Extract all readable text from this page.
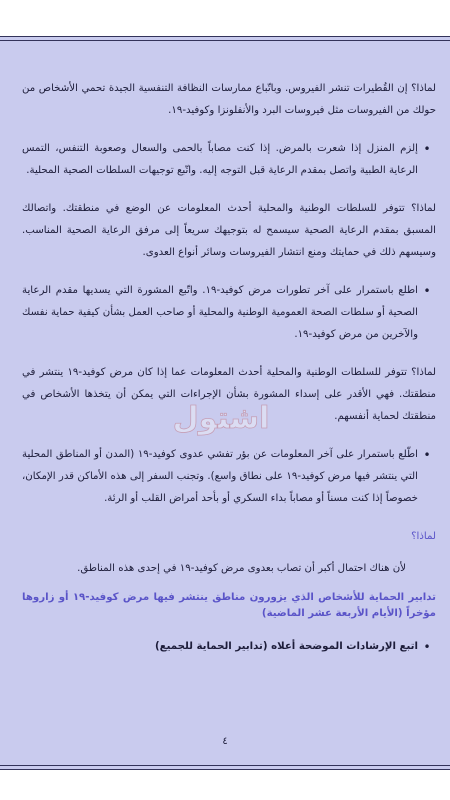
لماذا؟ إن القُطيرات تنشر الفيروس. وباتّباع ممارسات النظافة التنفسية الجيدة تحمي الأشخاص من حولك من الفيروسات مثل فيروسات البرد والأنفلونزا وكوفيد-١٩.

•
إلزم المنزل إذا شعرت بالمرض. إذا كنت مصاباً بالحمى والسعال وصعوبة التنفس، التمس الرعاية الطبية واتصل بمقدم الرعاية قبل التوجه إليه. واتّبع توجيهات السلطات الصحية المحلية.

لماذا؟ تتوفر للسلطات الوطنية والمحلية أحدث المعلومات عن الوضع في منطقتك. واتصالك المسبق بمقدم الرعاية الصحية سيسمح له بتوجيهك سريعاً إلى مرفق الرعاية الصحية المناسب. وسيسهم ذلك في حمايتك ومنع انتشار الفيروسات وسائر أنواع العدوى.

•
اطلع باستمرار على آخر تطورات مرض كوفيد-١٩. واتّبع المشورة التي يسديها مقدم الرعاية الصحية أو سلطات الصحة العمومية الوطنية والمحلية أو صاحب العمل بشأن كيفية حماية نفسك والآخرين من مرض كوفيد-١٩.

لماذا؟ تتوفر للسلطات الوطنية والمحلية أحدث المعلومات عما إذا كان مرض كوفيد-١٩ ينتشر في منطقتك. فهي الأقدر على إسداء المشورة بشأن الإجراءات التي يمكن أن يتخذها الأشخاص في منطقتك لحماية أنفسهم.

•
اطّلع باستمرار على آخر المعلومات عن بؤر تفشي عدوى كوفيد-١٩ (المدن أو المناطق المحلية التي ينتشر فيها مرض كوفيد-١٩ على نطاق واسع). وتجنب السفر إلى هذه الأماكن قدر الإمكان، خصوصاً إذا كنت مسناً أو مصاباً بداء السكري أو بأحد أمراض القلب أو الرئة.

لماذا؟

لأن هناك احتمال أكبر أن تصاب بعدوى مرض كوفيد-١٩ في إحدى هذه المناطق.

تدابير الحماية للأشخاص الذي يزورون مناطق ينتشر فيها مرض كوفيد-١٩ أو زاروها مؤخراً (الأيام الأربعة عشر الماضية)

•
اتبع الإرشادات الموضحة أعلاه (تدابير الحماية للجميع)
اشتول
٤
